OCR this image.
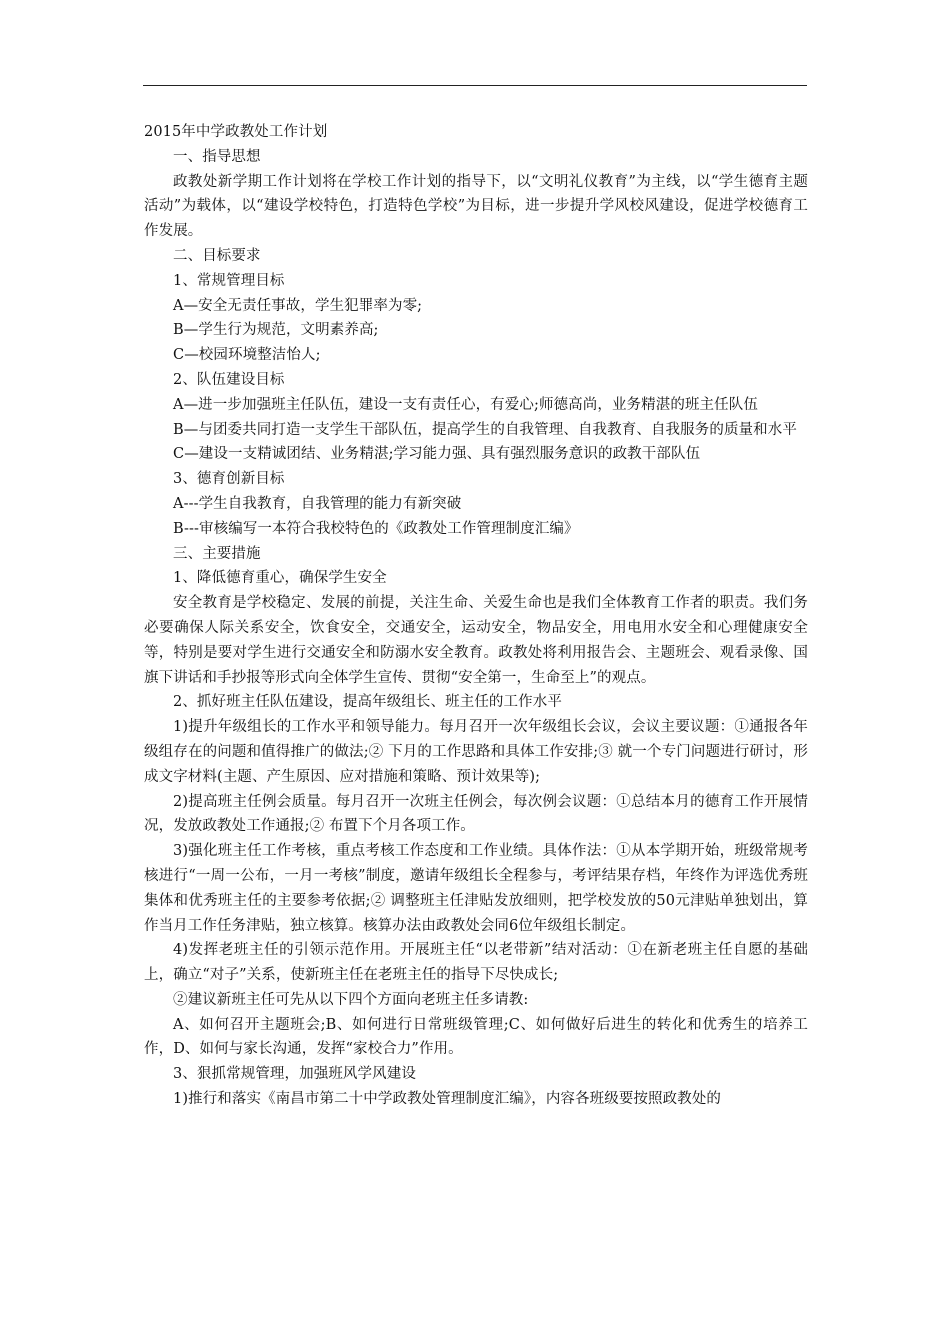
2015年中学政教处工作计划

一、指导思想

政教处新学期工作计划将在学校工作计划的指导下，以“文明礼仪教育”为主线，以“学生德育主题活动”为载体，以“建设学校特色，打造特色学校”为目标，进一步提升学风校风建设，促进学校德育工作发展。

二、目标要求

1、常规管理目标

A—安全无责任事故，学生犯罪率为零;

B—学生行为规范，文明素养高;

C—校园环境整洁怡人;

2、队伍建设目标

A—进一步加强班主任队伍，建设一支有责任心，有爱心;师德高尚，业务精湛的班主任队伍

B—与团委共同打造一支学生干部队伍，提高学生的自我管理、自我教育、自我服务的质量和水平

C—建设一支精诚团结、业务精湛;学习能力强、具有强烈服务意识的政教干部队伍

3、德育创新目标

A---学生自我教育，自我管理的能力有新突破

B---审核编写一本符合我校特色的《政教处工作管理制度汇编》

三、主要措施

1、降低德育重心，确保学生安全

安全教育是学校稳定、发展的前提，关注生命、关爱生命也是我们全体教育工作者的职责。我们务必要确保人际关系安全，饮食安全，交通安全，运动安全，物品安全，用电用水安全和心理健康安全等，特别是要对学生进行交通安全和防溺水安全教育。政教处将利用报告会、主题班会、观看录像、国旗下讲话和手抄报等形式向全体学生宣传、贯彻“安全第一，生命至上”的观点。

2、抓好班主任队伍建设，提高年级组长、班主任的工作水平

1)提升年级组长的工作水平和领导能力。每月召开一次年级组长会议，会议主要议题：①通报各年级组存在的问题和值得推广的做法;② 下月的工作思路和具体工作安排;③ 就一个专门问题进行研讨，形成文字材料(主题、产生原因、应对措施和策略、预计效果等);

2)提高班主任例会质量。每月召开一次班主任例会，每次例会议题：①总结本月的德育工作开展情况，发放政教处工作通报;② 布置下个月各项工作。

3)强化班主任工作考核，重点考核工作态度和工作业绩。具体作法：①从本学期开始，班级常规考核进行“一周一公布，一月一考核”制度，邀请年级组长全程参与，考评结果存档，年终作为评选优秀班集体和优秀班主任的主要参考依据;② 调整班主任津贴发放细则，把学校发放的50元津贴单独划出，算作当月工作任务津贴，独立核算。核算办法由政教处会同6位年级组长制定。

4)发挥老班主任的引领示范作用。开展班主任“以老带新”结对活动：①在新老班主任自愿的基础上，确立“对子”关系，使新班主任在老班主任的指导下尽快成长;

②建议新班主任可先从以下四个方面向老班主任多请教:

A、如何召开主题班会;B、如何进行日常班级管理;C、如何做好后进生的转化和优秀生的培养工作，D、如何与家长沟通，发挥“家校合力”作用。

3、狠抓常规管理，加强班风学风建设

1)推行和落实《南昌市第二十中学政教处管理制度汇编》，内容各班级要按照政教处的
